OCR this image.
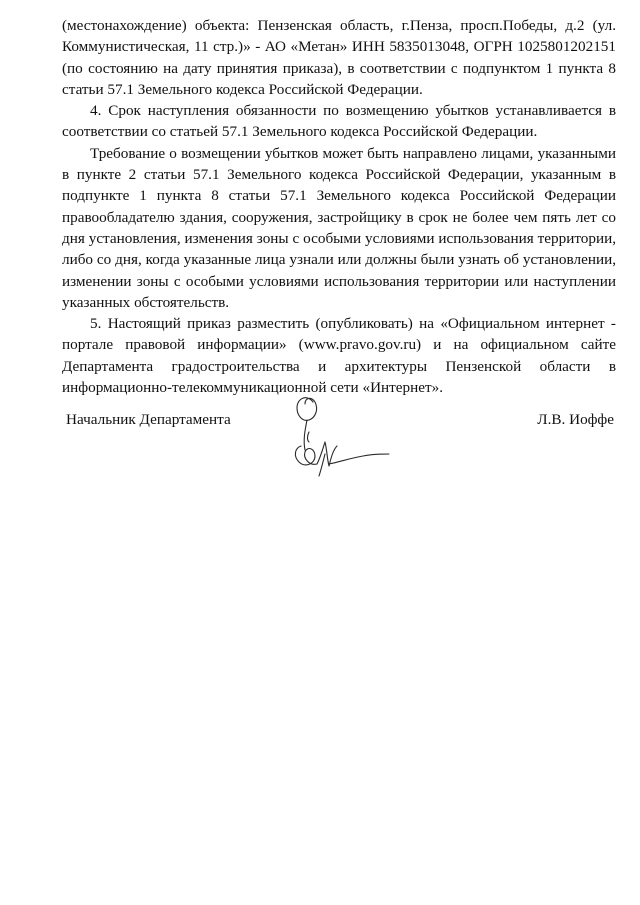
(местонахождение) объекта: Пензенская область, г.Пенза, просп.Победы, д.2 (ул. Коммунистическая, 11 стр.)» - АО «Метан» ИНН 5835013048, ОГРН 1025801202151 (по состоянию на дату принятия приказа), в соответствии с подпунктом 1 пункта 8 статьи 57.1 Земельного кодекса Российской Федерации.

4. Срок наступления обязанности по возмещению убытков устанавливается в соответствии со статьей 57.1 Земельного кодекса Российской Федерации.

Требование о возмещении убытков может быть направлено лицами, указанными в пункте 2 статьи 57.1 Земельного кодекса Российской Федерации, указанным в подпункте 1 пункта 8 статьи 57.1 Земельного кодекса Российской Федерации правообладателю здания, сооружения, застройщику в срок не более чем пять лет со дня установления, изменения зоны с особыми условиями использования территории, либо со дня, когда указанные лица узнали или должны были узнать об установлении, изменении зоны с особыми условиями использования территории или наступлении указанных обстоятельств.

5. Настоящий приказ разместить (опубликовать) на «Официальном интернет - портале правовой информации» (www.pravo.gov.ru) и на официальном сайте Департамента градостроительства и архитектуры Пензенской области в информационно-телекоммуникационной сети «Интернет».

Начальник Департамента	Л.В. Иоффе
